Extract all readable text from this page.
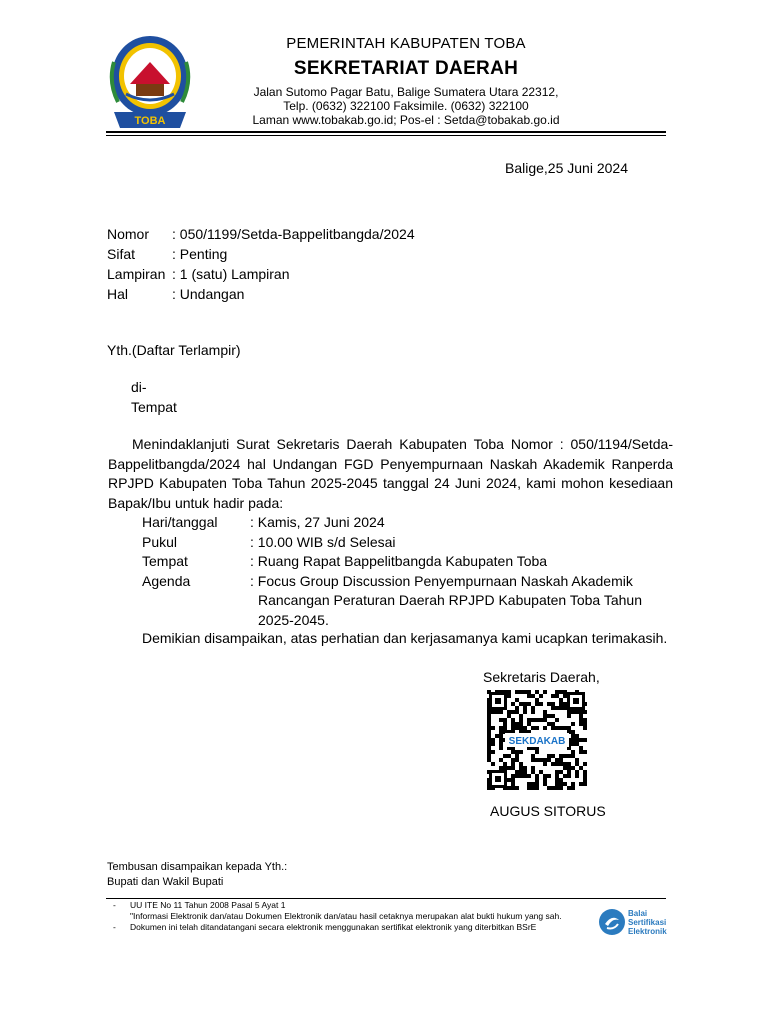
TOBA
PEMERINTAH KABUPATEN TOBA
SEKRETARIAT DAERAH
Jalan Sutomo Pagar Batu, Balige Sumatera Utara 22312,
Telp. (0632) 322100 Faksimile. (0632) 322100
Laman www.tobakab.go.id; Pos-el : Setda@tobakab.go.id
Balige,25 Juni 2024
Nomor : 050/1199/Setda-Bappelitbangda/2024
Sifat	: Penting
Lampiran : 1 (satu) Lampiran
Hal	: Undangan
Yth.(Daftar Terlampir)
di-
Tempat
Menindaklanjuti Surat Sekretaris Daerah Kabupaten Toba Nomor : 050/1194/Setda-Bappelitbangda/2024 hal Undangan FGD Penyempurnaan Naskah Akademik Ranperda RPJPD Kabupaten Toba Tahun 2025-2045 tanggal 24 Juni 2024, kami mohon kesediaan Bapak/Ibu untuk hadir pada:
Hari/tanggal : Kamis, 27 Juni 2024
Pukul	: 10.00 WIB s/d Selesai
Tempat	: Ruang Rapat Bappelitbangda Kabupaten Toba
Agenda	: Focus Group Discussion Penyempurnaan Naskah Akademik
Rancangan Peraturan Daerah RPJPD Kabupaten Toba Tahun
2025-2045.
Demikian disampaikan, atas perhatian dan kerjasamanya kami ucapkan terimakasih.
Sekretaris Daerah,
SEKDAKAB
AUGUS SITORUS
Tembusan disampaikan kepada Yth.:
Bupati dan Wakil Bupati
- UU ITE No 11 Tahun 2008 Pasal 5 Ayat 1
"Informasi Elektronik dan/atau Dokumen Elektronik dan/atau hasil cetaknya merupakan alat bukti hukum yang sah.
- Dokumen ini telah ditandatangani secara elektronik menggunakan sertifikat elektronik yang diterbitkan BSrE
Balai
Sertifikasi
Elektronik
